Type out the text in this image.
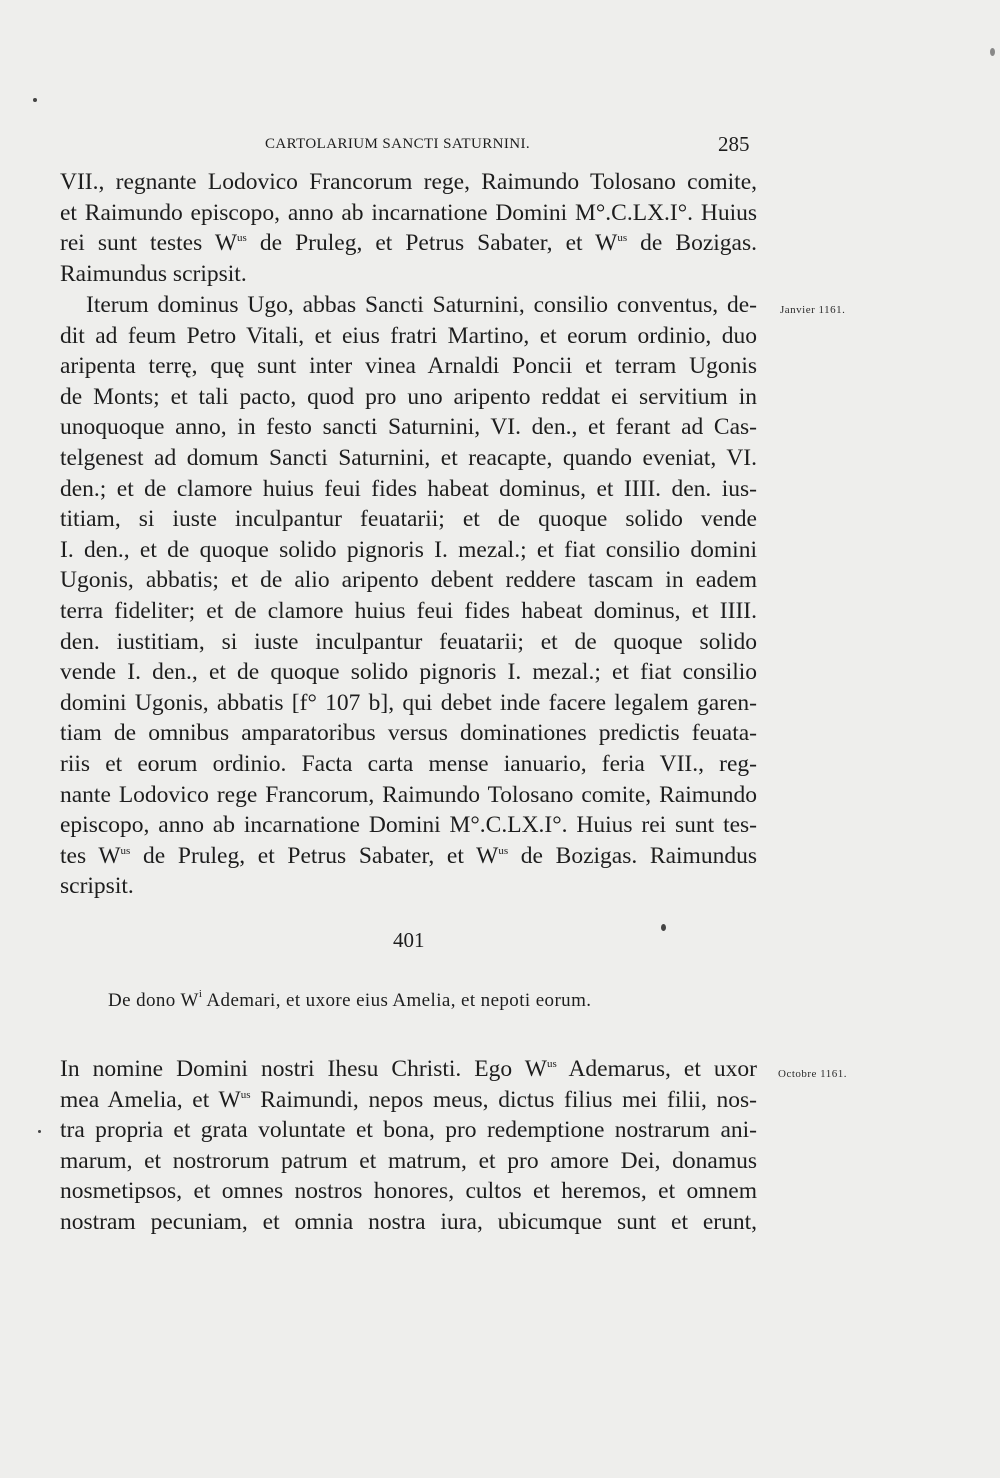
CARTOLARIUM SANCTI SATURNINI.	285
VII., regnante Lodovico Francorum rege, Raimundo Tolosano comite,
et Raimundo episcopo, anno ab incarnatione Domini M°.C.LX.I°. Huius
rei sunt testes $W^{us}$ de Pruleg, et Petrus Sabater, et $W^{us}$ de Bozigas.
Raimundus scripsit.
Iterum dominus Ugo, abbas Sancti Saturnini, consilio conventus, de-
dit ad feum Petro Vitali, et eius fratri Martino, et eorum ordinio, duo
aripenta terrę, quę sunt inter vinea Arnaldi Poncii et terram Ugonis
de Monts; et tali pacto, quod pro uno aripento reddat ei servitium in
unoquoque anno, in festo sancti Saturnini, VI. den., et ferant ad Cas-
telgenest ad domum Sancti Saturnini, et reacapte, quando eveniat, VI.
den.; et de clamore huius feui fides habeat dominus, et IIII. den. ius-
titiam, si iuste inculpantur feuatarii; et de quoque solido vende
I. den., et de quoque solido pignoris I. mezal.; et fiat consilio domini
Ugonis, abbatis; et de alio aripento debent reddere tascam in eadem
terra fideliter; et de clamore huius feui fides habeat dominus, et IIII.
den. iustitiam, si iuste inculpantur feuatarii; et de quoque solido
vende I. den., et de quoque solido pignoris I. mezal.; et fiat consilio
domini Ugonis, abbatis [f° 107 b], qui debet inde facere legalem garen-
tiam de omnibus amparatoribus versus dominationes predictis feuata-
riis et eorum ordinio. Facta carta mense ianuario, feria VII., reg-
nante Lodovico rege Francorum, Raimundo Tolosano comite, Raimundo
episcopo, anno ab incarnatione Domini M°.C.LX.I°. Huius rei sunt tes-
tes $W^{us}$ de Pruleg, et Petrus Sabater, et $W^{us}$ de Bozigas. Raimundus
scripsit.
401
De dono $W^i$ Ademari, et uxore eius Amelia, et nepoti eorum.
In nomine Domini nostri Ihesu Christi. Ego $W^{us}$ Ademarus, et uxor
mea Amelia, et $W^{us}$ Raimundi, nepos meus, dictus filius mei filii, nos-
tra propria et grata voluntate et bona, pro redemptione nostrarum ani-
marum, et nostrorum patrum et matrum, et pro amore Dei, donamus
nosmetipsos, et omnes nostros honores, cultos et heremos, et omnem
nostram pecuniam, et omnia nostra iura, ubicumque sunt et erunt,
Janvier 1161.
Octobre 1161.
